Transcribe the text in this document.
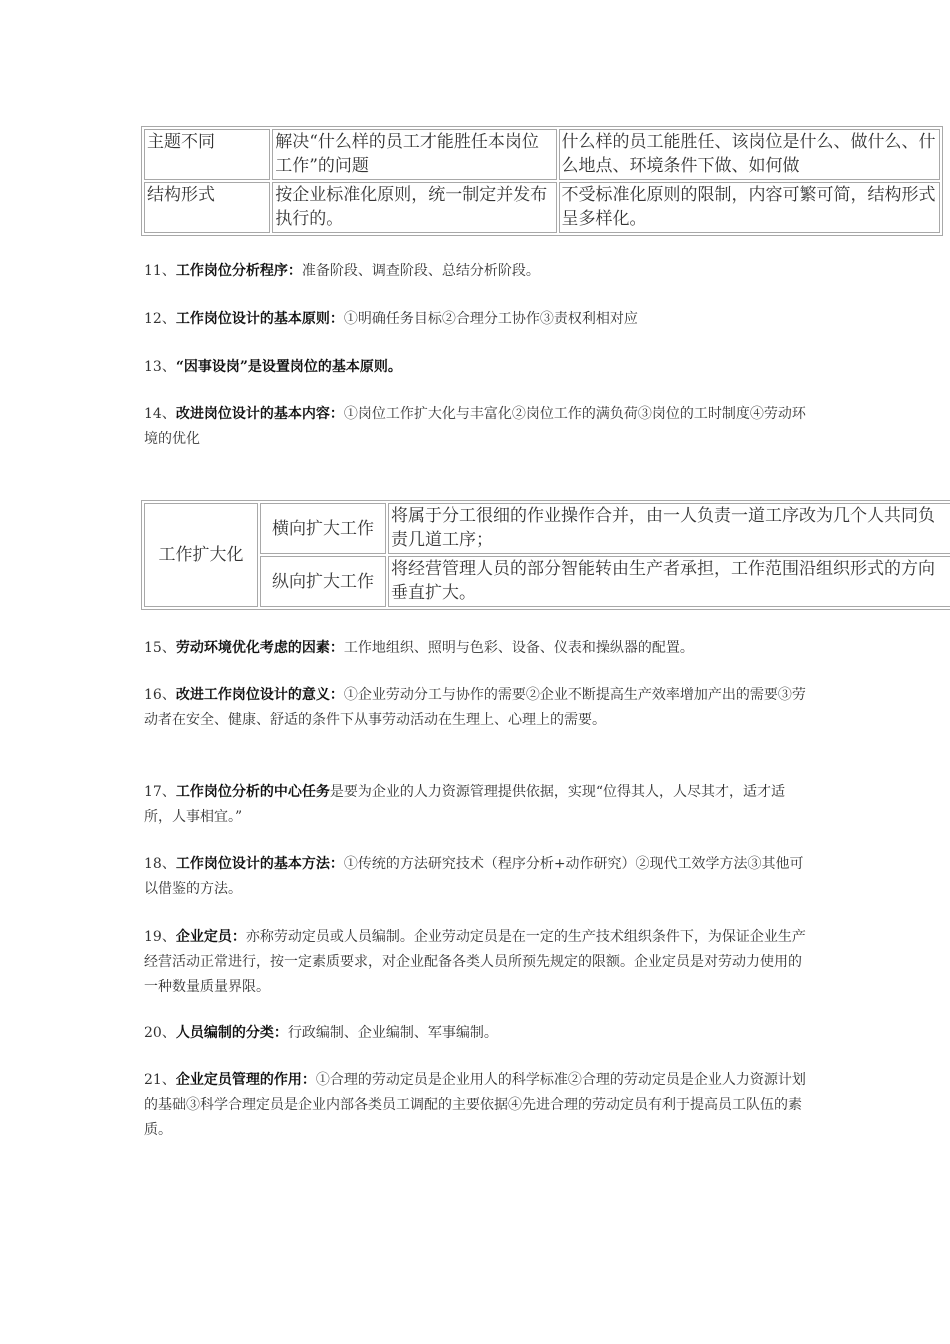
主题不同	解决“什么样的员工才能胜任本岗位工作”的问题	什么样的员工能胜任、该岗位是什么、做什么、什么地点、环境条件下做、如何做
结构形式	按企业标准化原则，统一制定并发布执行的。	不受标准化原则的限制，内容可繁可简，结构形式呈多样化。
11、工作岗位分析程序：准备阶段、调查阶段、总结分析阶段。
12、工作岗位设计的基本原则：①明确任务目标②合理分工协作③责权利相对应
13、“因事设岗”是设置岗位的基本原则。
14、改进岗位设计的基本内容：①岗位工作扩大化与丰富化②岗位工作的满负荷③岗位的工时制度④劳动环境的优化
工作扩大化	横向扩大工作	将属于分工很细的作业操作合并，由一人负责一道工序改为几个人共同负责几道工序；

	纵向扩大工作	将经营管理人员的部分智能转由生产者承担，工作范围沿组织形式的方向垂直扩大。
15、劳动环境优化考虑的因素：工作地组织、照明与色彩、设备、仪表和操纵器的配置。
16、改进工作岗位设计的意义：①企业劳动分工与协作的需要②企业不断提高生产效率增加产出的需要③劳动者在安全、健康、舒适的条件下从事劳动活动在生理上、心理上的需要。
17、工作岗位分析的中心任务是要为企业的人力资源管理提供依据，实现“位得其人，人尽其才，适才适所，人事相宜。”
18、工作岗位设计的基本方法：①传统的方法研究技术（程序分析+动作研究）②现代工效学方法③其他可以借鉴的方法。
19、企业定员：亦称劳动定员或人员编制。企业劳动定员是在一定的生产技术组织条件下，为保证企业生产经营活动正常进行，按一定素质要求，对企业配备各类人员所预先规定的限额。企业定员是对劳动力使用的一种数量质量界限。
20、人员编制的分类：行政编制、企业编制、军事编制。
21、企业定员管理的作用：①合理的劳动定员是企业用人的科学标准②合理的劳动定员是企业人力资源计划的基础③科学合理定员是企业内部各类员工调配的主要依据④先进合理的劳动定员有利于提高员工队伍的素质。
